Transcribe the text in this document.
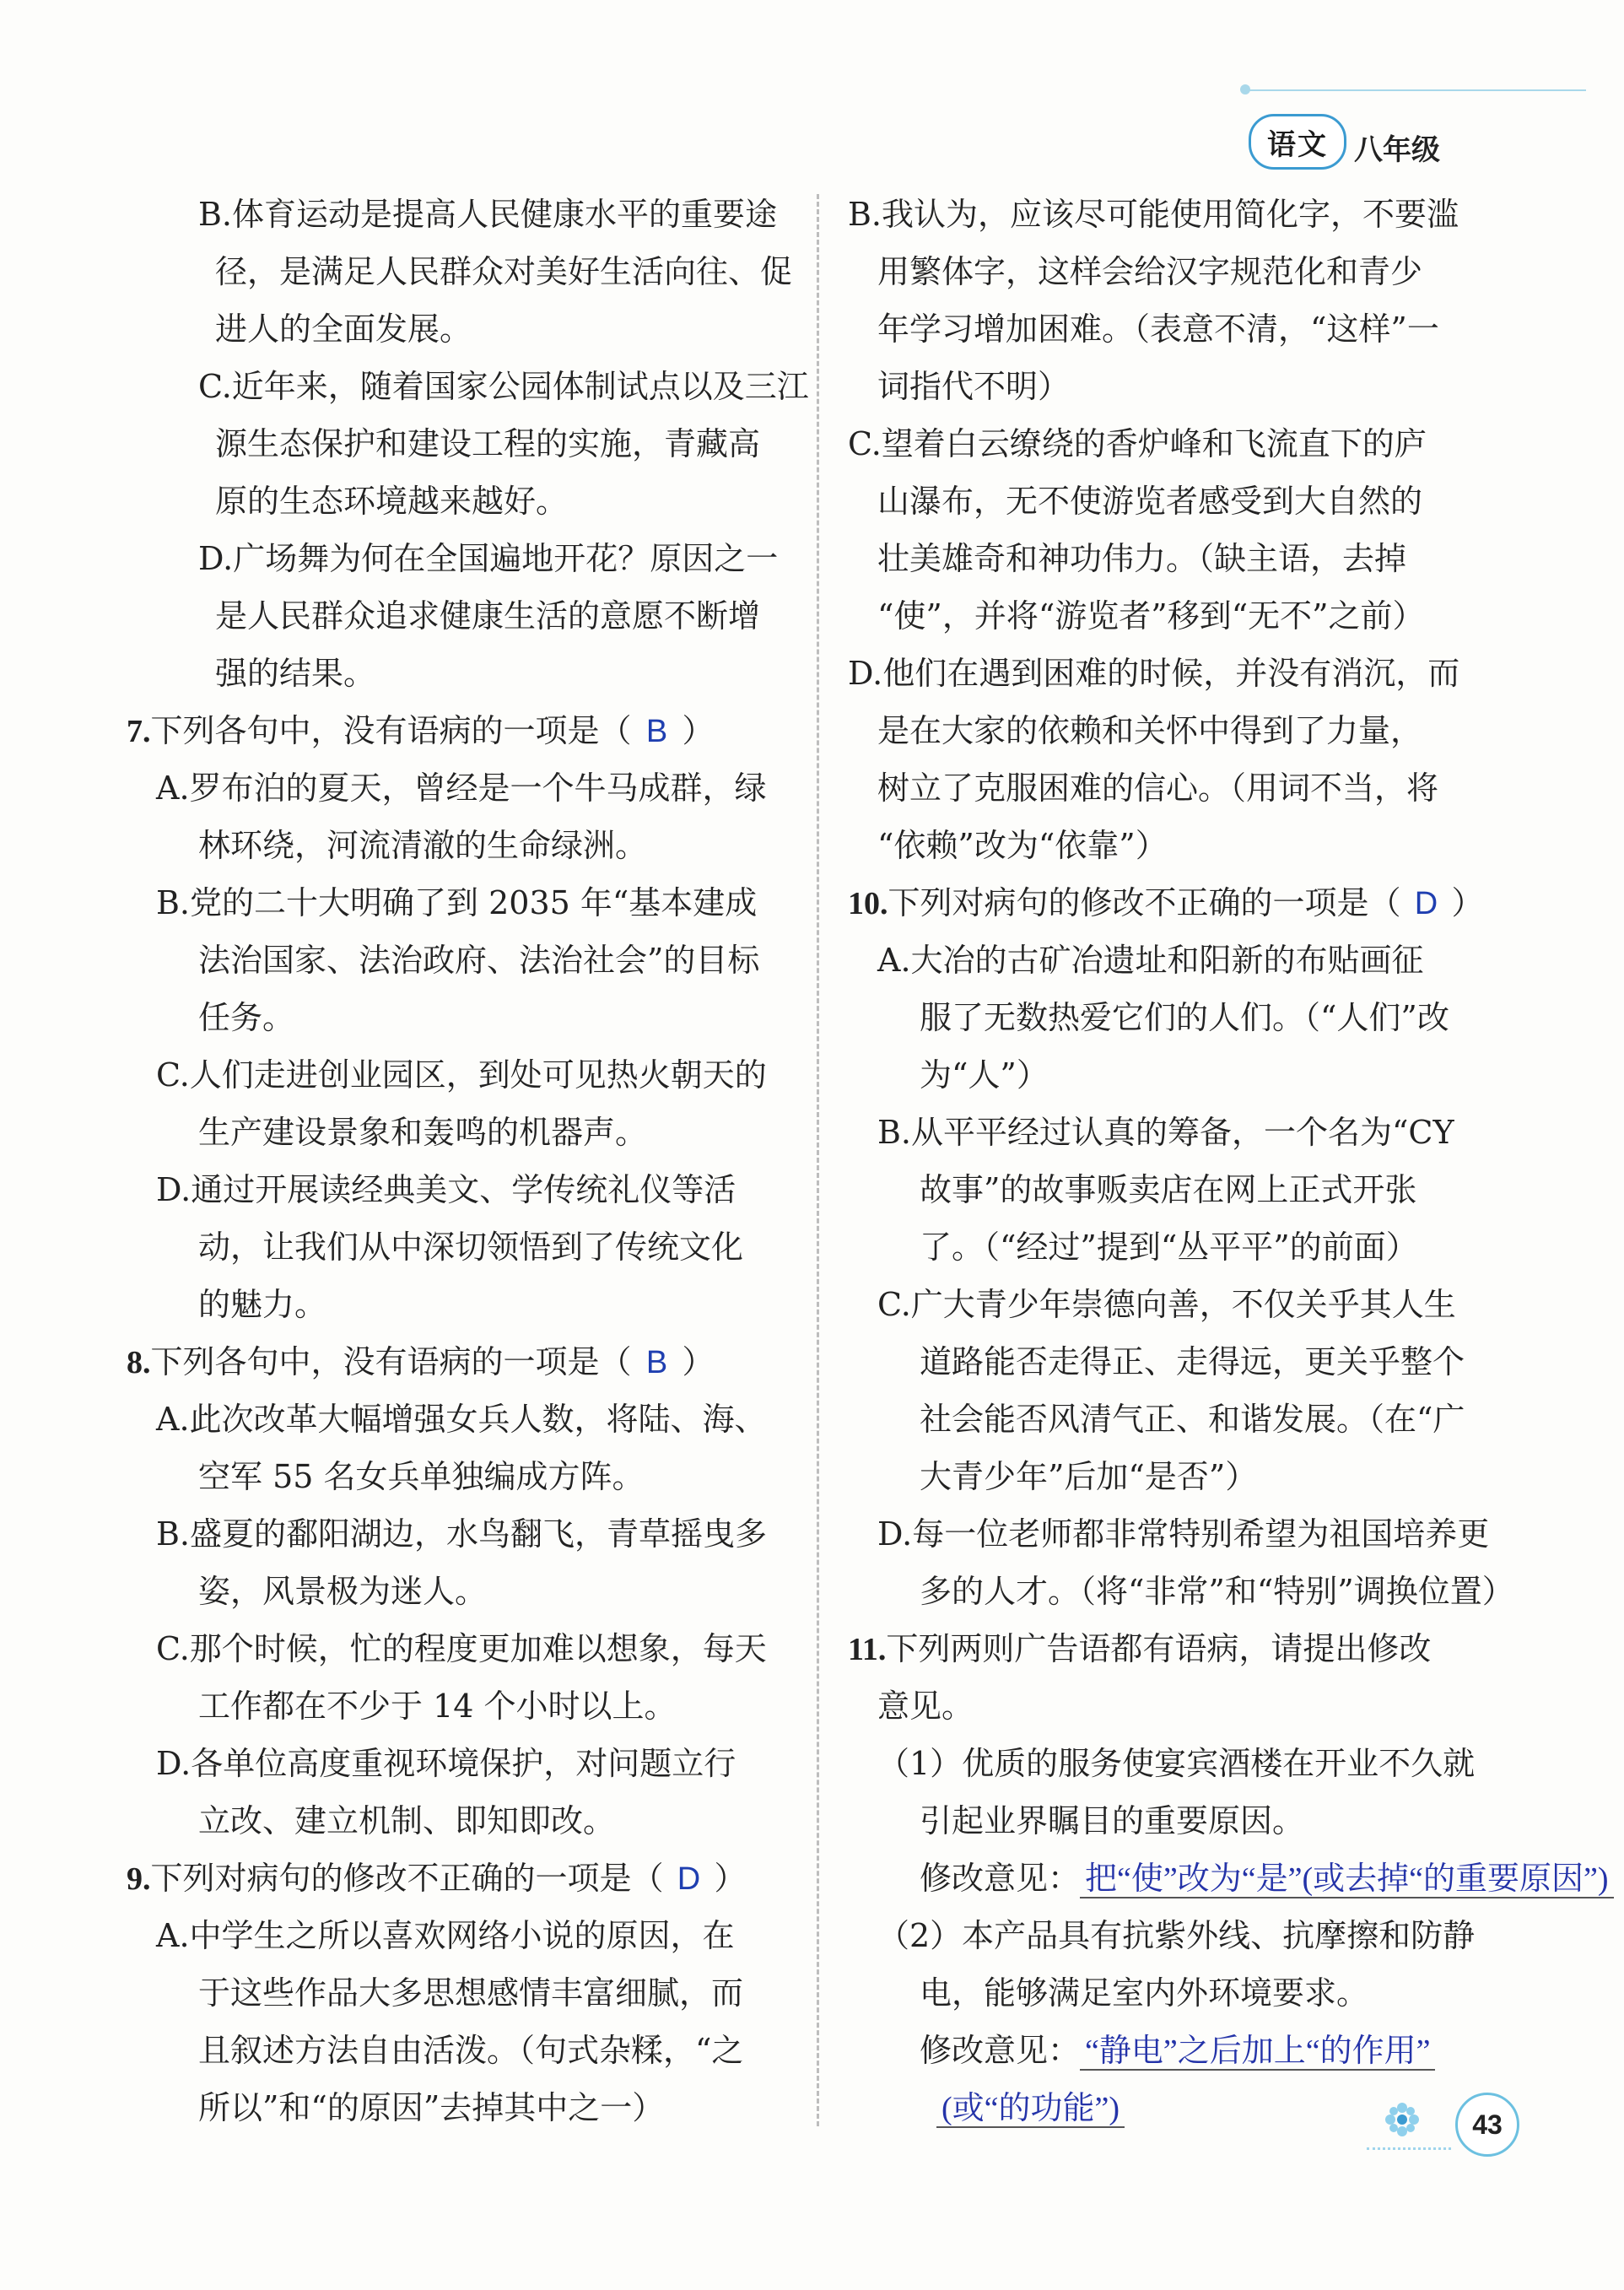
语文 八年级
B.体育运动是提高人民健康水平的重要途
径，是满足人民群众对美好生活向往、促
进人的全面发展。
C.近年来，随着国家公园体制试点以及三江
源生态保护和建设工程的实施，青藏高
原的生态环境越来越好。
D.广场舞为何在全国遍地开花？原因之一
是人民群众追求健康生活的意愿不断增
强的结果。
7.下列各句中，没有语病的一项是（ B ）
A.罗布泊的夏天，曾经是一个牛马成群，绿
林环绕，河流清澈的生命绿洲。
B.党的二十大明确了到 2035 年“基本建成
法治国家、法治政府、法治社会”的目标
任务。
C.人们走进创业园区，到处可见热火朝天的
生产建设景象和轰鸣的机器声。
D.通过开展读经典美文、学传统礼仪等活
动，让我们从中深切领悟到了传统文化
的魅力。
8.下列各句中，没有语病的一项是（ B ）
A.此次改革大幅增强女兵人数，将陆、海、
空军 55 名女兵单独编成方阵。
B.盛夏的鄱阳湖边，水鸟翻飞，青草摇曳多
姿，风景极为迷人。
C.那个时候，忙的程度更加难以想象，每天
工作都在不少于 14 个小时以上。
D.各单位高度重视环境保护，对问题立行
立改、建立机制、即知即改。
9.下列对病句的修改不正确的一项是（ D ）
A.中学生之所以喜欢网络小说的原因，在
于这些作品大多思想感情丰富细腻，而
且叙述方法自由活泼。（句式杂糅，“之
所以”和“的原因”去掉其中之一）
B.我认为，应该尽可能使用简化字，不要滥
用繁体字，这样会给汉字规范化和青少
年学习增加困难。（表意不清，“这样”一
词指代不明）
C.望着白云缭绕的香炉峰和飞流直下的庐
山瀑布，无不使游览者感受到大自然的
壮美雄奇和神功伟力。（缺主语，去掉
“使”，并将“游览者”移到“无不”之前）
D.他们在遇到困难的时候，并没有消沉，而
是在大家的依赖和关怀中得到了力量，
树立了克服困难的信心。（用词不当，将
“依赖”改为“依靠”）
10.下列对病句的修改不正确的一项是（ D ）
A.大冶的古矿冶遗址和阳新的布贴画征
服了无数热爱它们的人们。（“人们”改
为“人”）
B.从平平经过认真的筹备，一个名为“CY
故事”的故事贩卖店在网上正式开张
了。（“经过”提到“丛平平”的前面）
C.广大青少年崇德向善，不仅关乎其人生
道路能否走得正、走得远，更关乎整个
社会能否风清气正、和谐发展。（在“广
大青少年”后加“是否”）
D.每一位老师都非常特别希望为祖国培养更
多的人才。（将“非常”和“特别”调换位置）
11.下列两则广告语都有语病，请提出修改
意见。
（1）优质的服务使宴宾酒楼在开业不久就
引起业界瞩目的重要原因。
修改意见： 把“使”改为“是”(或去掉“的重要原因”)
（2）本产品具有抗紫外线、抗摩擦和防静
电，能够满足室内外环境要求。
修改意见： “静电”之后加上“的作用”
(或“的功能”)	43
